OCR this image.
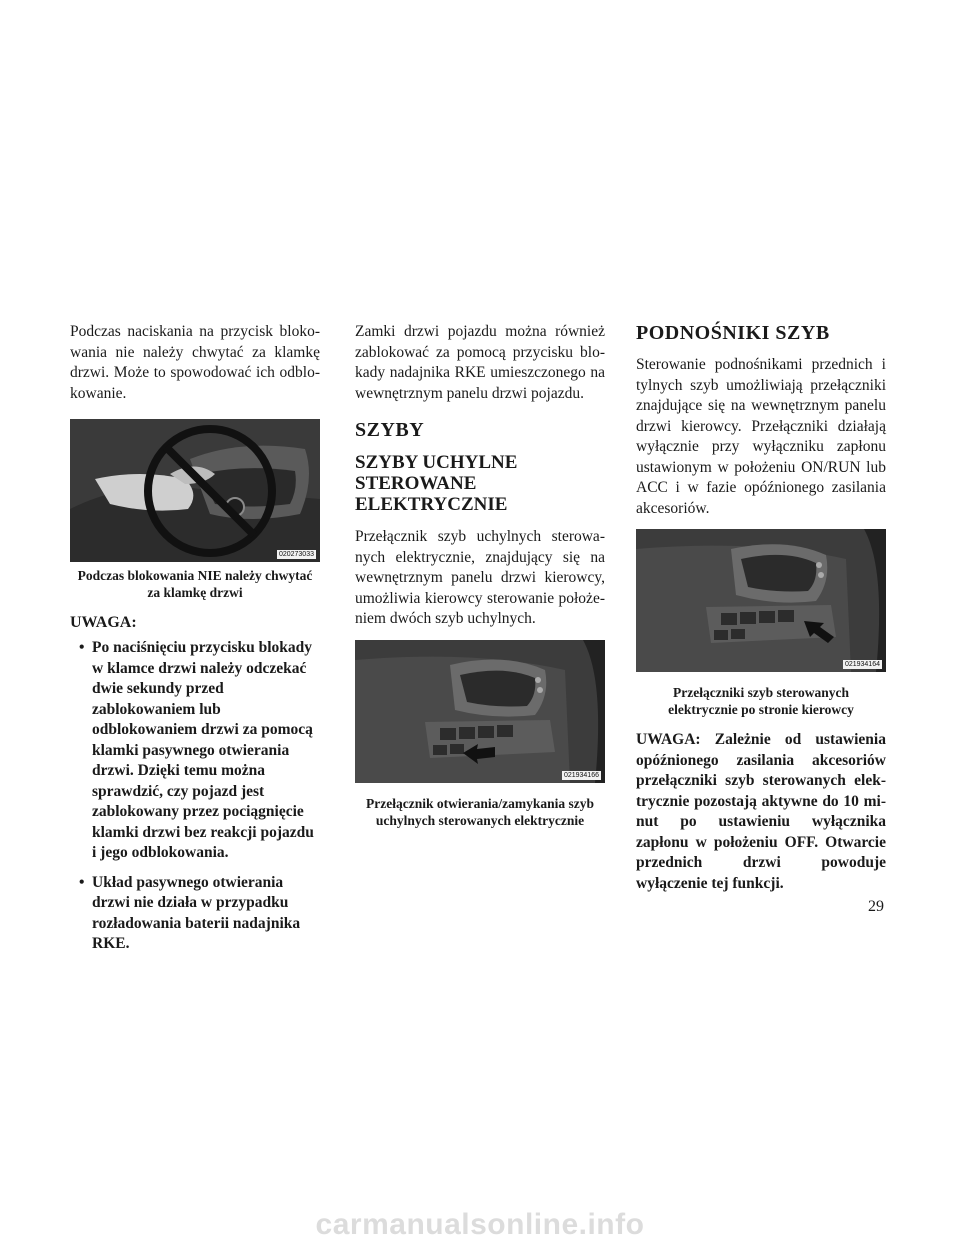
Podczas naciskania na przycisk blokowania nie należy chwytać za klamkę drzwi. Może to spowodować ich odblokowanie.

020273033

Podczas blokowania NIE należy chwytać
za klamkę drzwi

UWAGA:

• Po naciśnięciu przycisku blokady w klamce drzwi należy odczekać dwie sekundy przed zablokowaniem lub odblokowaniem drzwi za pomocą klamki pasywnego otwierania drzwi. Dzięki temu można sprawdzić, czy pojazd jest zablokowany przez pociągnięcie klamki drzwi bez reakcji pojazdu i jego odblokowania.
• Układ pasywnego otwierania drzwi nie działa w przypadku rozładowania baterii nadajnika RKE.

Zamki drzwi pojazdu można również zablokować za pomocą przycisku blokady nadajnika RKE umieszczonego na wewnętrznym panelu drzwi pojazdu.

SZYBY

SZYBY UCHYLNE STEROWANE ELEKTRYCZNIE

Przełącznik szyb uchylnych sterowanych elektrycznie, znajdujący się na wewnętrznym panelu drzwi kierowcy, umożliwia kierowcy sterowanie położeniem dwóch szyb uchylnych.

021934166

Przełącznik otwierania/zamykania szyb
uchylnych sterowanych elektrycznie

PODNOŚNIKI SZYB

Sterowanie podnośnikami przednich i tylnych szyb umożliwiają przełączniki znajdujące się na wewnętrznym panelu drzwi kierowcy. Przełączniki działają wyłącznie przy wyłączniku zapłonu ustawionym w położeniu ON/RUN lub ACC i w fazie opóźnionego zasilania akcesoriów.

021934164

Przełączniki szyb sterowanych
elektrycznie po stronie kierowcy

UWAGA: Zależnie od ustawienia opóźnionego zasilania akcesoriów przełączniki szyb sterowanych elektrycznie pozostają aktywne do 10 minut po ustawieniu wyłącznika zapłonu w położeniu OFF. Otwarcie przednich drzwi powoduje wyłączenie tej funkcji.

29
carmanualsonline.info
